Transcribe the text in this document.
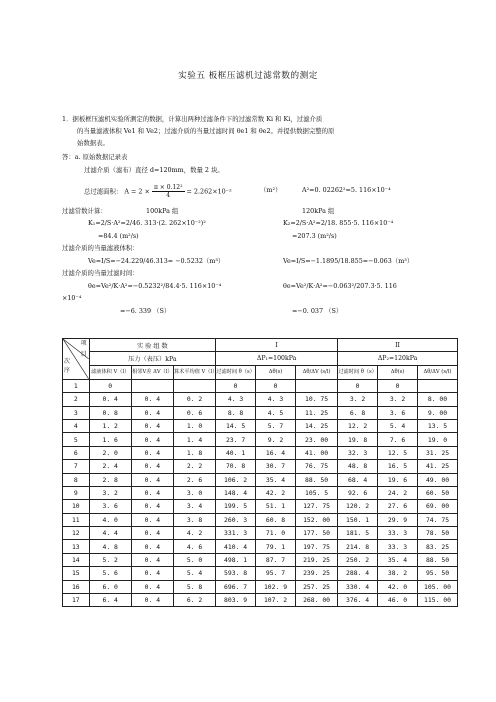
实验五 板框压滤机过滤常数的测定
1．据板框压滤机实验所测定的数据，计算出两种过滤条件下的过滤常数 Ki 和 Ki，过滤介质
的当量滤液体积 Ve1 和 Ve2；过滤介质的当量过滤时间 θe1 和 θe2。并提供数据完整的原
始数据表。
答：a. 原始数据记录表
过滤介质（滤布）直径 d=120mm，数量 2 块。
总过滤面积： $A = 2 \times \frac{\text{π × 0.12²}}{4} = 2.262\times 10^{-2}$	（m²）	A²=0. 02262²=5. 116×10⁻⁴
过滤常数计算：	100kPa 组	120kPa 组
K₁=2/S·A²=2/46. 313·(2. 262×10⁻²)²	K₂=2/S·A²=2/18. 855·5. 116×10⁻⁴
=84.4 (m²/s)	=207.3 (m²/s)
过滤介质的当量滤液体积：
Ve=I/S=−24.229/46.313= −0.5232（m³）	Ve=I/S=−1.1895/18.855=−0.063（m³）
过滤介质的当量过滤时间：
θe=Ve²/K·A²=−0.5232²/84.4·5. 116×10⁻⁴	θe=Ve²/K·A²=−0.063²/207.3·5. 116
×10⁻⁴
=−6. 339 （S）	=−0. 037 （S）
项
目
次
序	实 验 组 数			I			II		
	压力（表压）kPa			ΔP₁=100kPa			ΔP₂=120kPa		
	滤液体积 V（l）	相邻V差 ΔV（l）	算术平均值 V（l）	过滤时间 θ（s）	Δθ(s)	Δθ/ΔV (s/l)	过滤时间 θ（s）	Δθ(s)	Δθ/ΔV (s/l)
1	0			0	0		0	0	
2	0. 4	0. 4	0. 2	4. 3	4. 3	10. 75	3. 2	3. 2	8. 00
3	0. 8	0. 4	0. 6	8. 8	4. 5	11. 25	6. 8	3. 6	9. 00
4	1. 2	0. 4	1. 0	14. 5	5. 7	14. 25	12. 2	5. 4	13. 5
5	1. 6	0. 4	1. 4	23. 7	9. 2	23. 00	19. 8	7. 6	19. 0
6	2. 0	0. 4	1. 8	40. 1	16. 4	41. 00	32. 3	12. 5	31. 25
7	2. 4	0. 4	2. 2	70. 8	30. 7	76. 75	48. 8	16. 5	41. 25
8	2. 8	0. 4	2. 6	106. 2	35. 4	88. 50	68. 4	19. 6	49. 00
9	3. 2	0. 4	3. 0	148. 4	42. 2	105. 5	92. 6	24. 2	60. 50
10	3. 6	0. 4	3. 4	199. 5	51. 1	127. 75	120. 2	27. 6	69. 00
11	4. 0	0. 4	3. 8	260. 3	60. 8	152. 00	150. 1	29. 9	74. 75
12	4. 4	0. 4	4. 2	331. 3	71. 0	177. 50	181. 5	33. 3	78. 50
13	4. 8	0. 4	4. 6	410. 4	79. 1	197. 75	214. 8	33. 3	83. 25
14	5. 2	0. 4	5. 0	498. 1	87. 7	219. 25	250. 2	35. 4	88. 50
15	5. 6	0. 4	5. 4	593. 8	95. 7	239. 25	288. 4	38. 2	95. 50
16	6. 0	0. 4	5. 8	696. 7	102. 9	257. 25	330. 4	42. 0	105. 00
17	6. 4	0. 4	6. 2	803. 9	107. 2	268. 00	376. 4	46. 0	115. 00
